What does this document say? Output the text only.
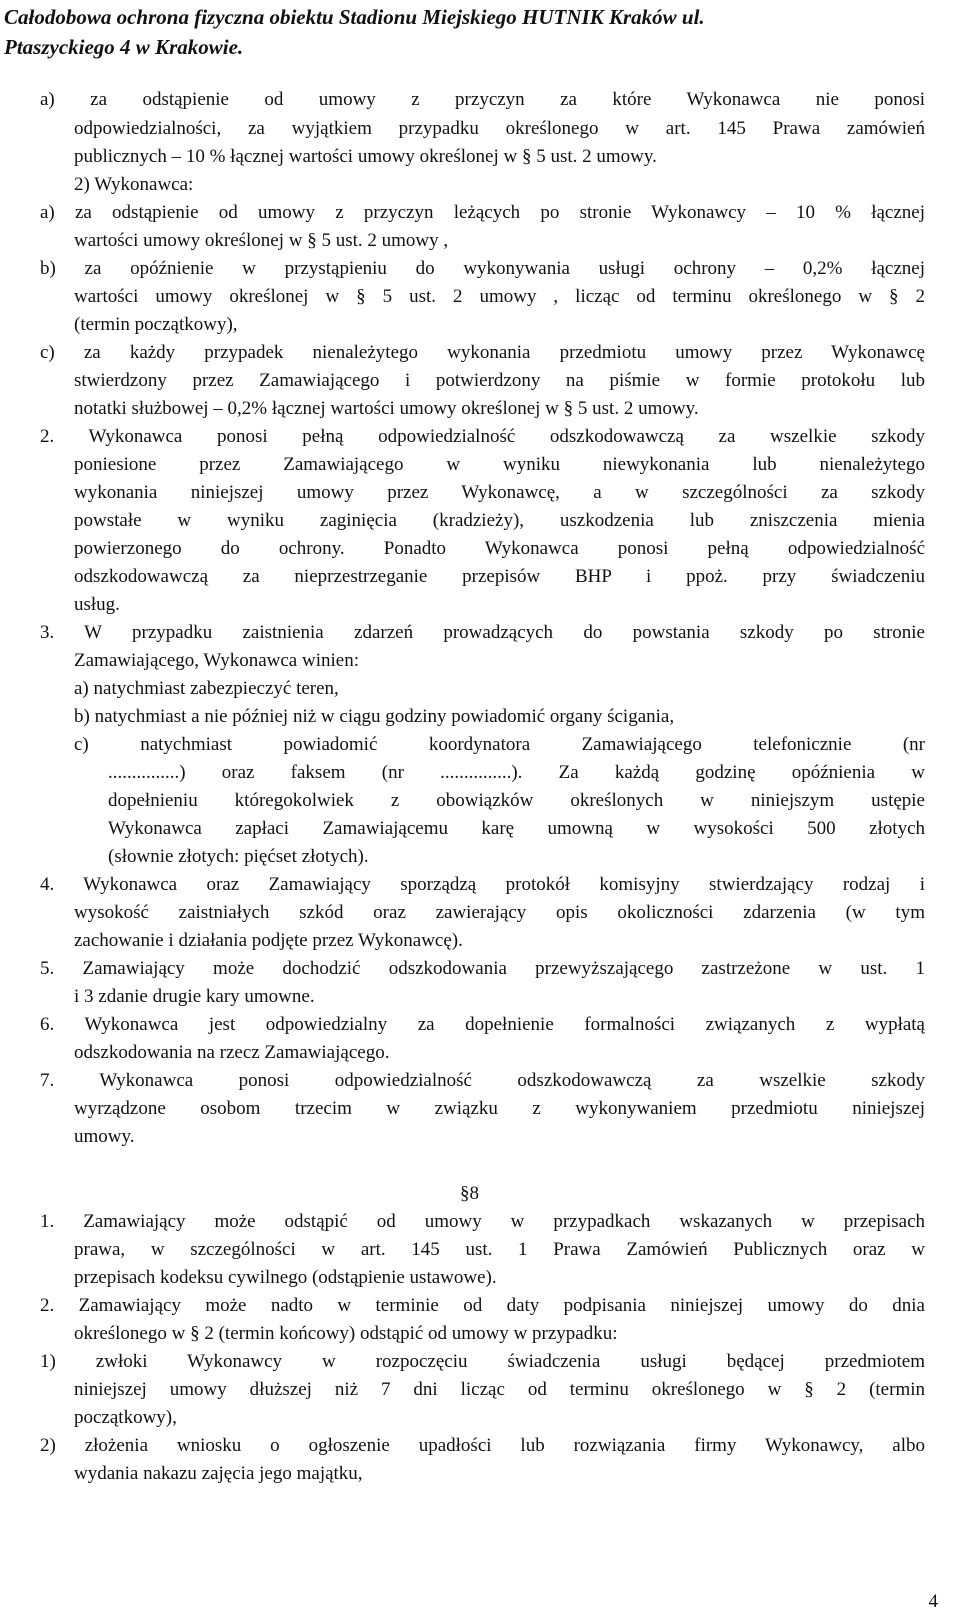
Całodobowa ochrona fizyczna obiektu Stadionu Miejskiego HUTNIK Kraków ul.
Ptaszyckiego 4 w Krakowie.
a) za odstąpienie od umowy z przyczyn za które Wykonawca nie ponosi
odpowiedzialności, za wyjątkiem przypadku określonego w art. 145 Prawa zamówień
publicznych – 10 % łącznej wartości umowy określonej w § 5 ust. 2 umowy.
2) Wykonawca:
a) za odstąpienie od umowy z przyczyn leżących po stronie Wykonawcy – 10 % łącznej
wartości umowy określonej w § 5 ust. 2 umowy ,
b) za opóźnienie w przystąpieniu do wykonywania usługi ochrony – 0,2% łącznej
wartości umowy określonej w § 5 ust. 2 umowy , licząc od terminu określonego w § 2
(termin początkowy),
c) za każdy przypadek nienależytego wykonania przedmiotu umowy przez Wykonawcę
stwierdzony przez Zamawiającego i potwierdzony na piśmie w formie protokołu lub
notatki służbowej – 0,2% łącznej wartości umowy określonej w § 5 ust. 2 umowy.
2. Wykonawca ponosi pełną odpowiedzialność odszkodowawczą za wszelkie szkody
poniesione przez Zamawiającego w wyniku niewykonania lub nienależytego
wykonania niniejszej umowy przez Wykonawcę, a w szczególności za szkody
powstałe w wyniku zaginięcia (kradzieży), uszkodzenia lub zniszczenia mienia
powierzonego do ochrony. Ponadto Wykonawca ponosi pełną odpowiedzialność
odszkodowawczą za nieprzestrzeganie przepisów BHP i ppoż. przy świadczeniu
usług.
3. W przypadku zaistnienia zdarzeń prowadzących do powstania szkody po stronie
Zamawiającego, Wykonawca winien:
a) natychmiast zabezpieczyć teren,
b) natychmiast a nie później niż w ciągu godziny powiadomić organy ścigania,
c) natychmiast powiadomić koordynatora Zamawiającego telefonicznie (nr
...............) oraz faksem (nr ...............). Za każdą godzinę opóźnienia w
dopełnieniu któregokolwiek z obowiązków określonych w niniejszym ustępie
Wykonawca zapłaci Zamawiającemu karę umowną w wysokości 500 złotych
(słownie złotych: pięćset złotych).
4. Wykonawca oraz Zamawiający sporządzą protokół komisyjny stwierdzający rodzaj i
wysokość zaistniałych szkód oraz zawierający opis okoliczności zdarzenia (w tym
zachowanie i działania podjęte przez Wykonawcę).
5. Zamawiający może dochodzić odszkodowania przewyższającego zastrzeżone w ust. 1
i 3 zdanie drugie kary umowne.
6. Wykonawca jest odpowiedzialny za dopełnienie formalności związanych z wypłatą
odszkodowania na rzecz Zamawiającego.
7. Wykonawca ponosi odpowiedzialność odszkodowawczą za wszelkie szkody
wyrządzone osobom trzecim w związku z wykonywaniem przedmiotu niniejszej
umowy.
§8
1. Zamawiający może odstąpić od umowy w przypadkach wskazanych w przepisach
prawa, w szczególności w art. 145 ust. 1 Prawa Zamówień Publicznych oraz w
przepisach kodeksu cywilnego (odstąpienie ustawowe).
2. Zamawiający może nadto w terminie od daty podpisania niniejszej umowy do dnia
określonego w § 2 (termin końcowy) odstąpić od umowy w przypadku:
1) zwłoki Wykonawcy w rozpoczęciu świadczenia usługi będącej przedmiotem
niniejszej umowy dłuższej niż 7 dni licząc od terminu określonego w § 2 (termin
początkowy),
2) złożenia wniosku o ogłoszenie upadłości lub rozwiązania firmy Wykonawcy, albo
wydania nakazu zajęcia jego majątku,
4
